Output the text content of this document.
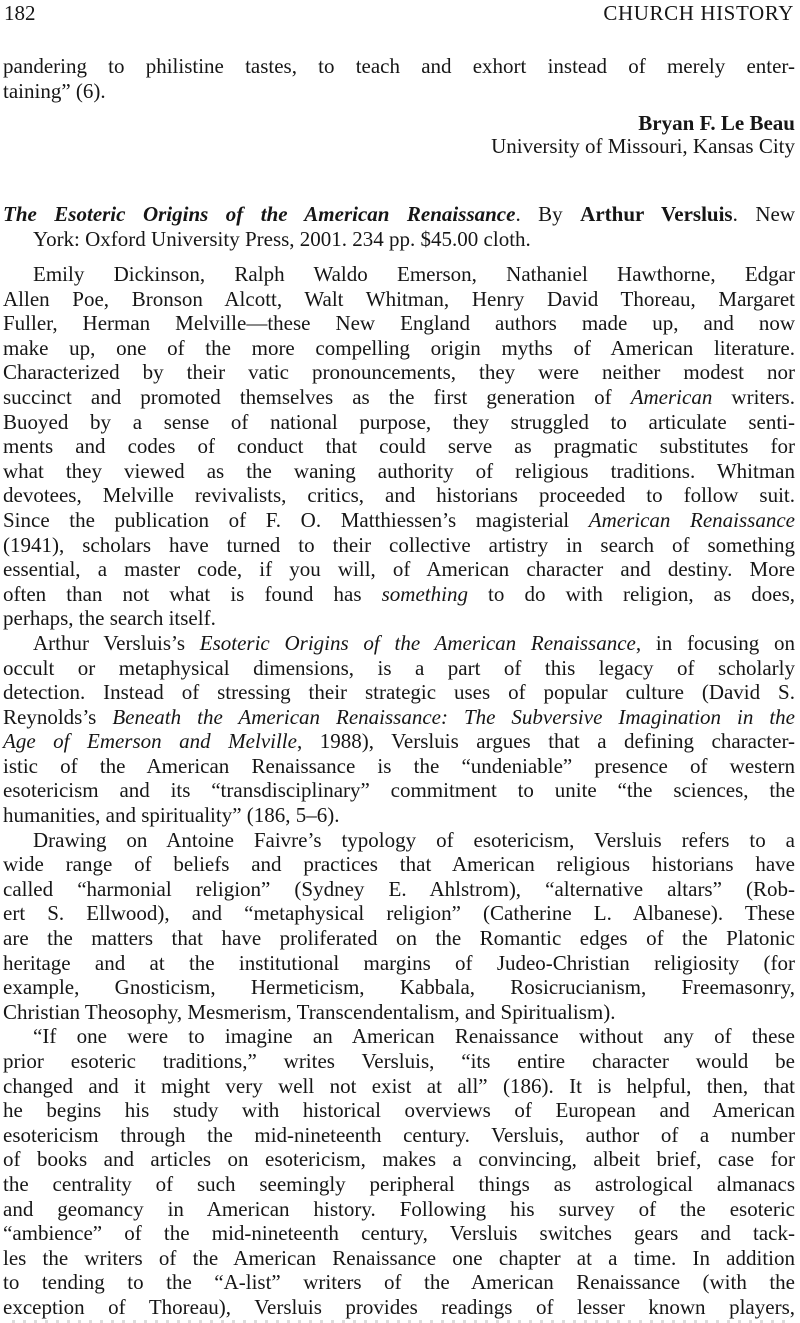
182	CHURCH HISTORY
pandering to philistine tastes, to teach and exhort instead of merely enter-
taining” (6).
Bryan F. Le Beau
University of Missouri, Kansas City
The Esoteric Origins of the American Renaissance. By Arthur Versluis. New
York: Oxford University Press, 2001. 234 pp. $45.00 cloth.
Emily Dickinson, Ralph Waldo Emerson, Nathaniel Hawthorne, Edgar
Allen Poe, Bronson Alcott, Walt Whitman, Henry David Thoreau, Margaret
Fuller, Herman Melville—these New England authors made up, and now
make up, one of the more compelling origin myths of American literature.
Characterized by their vatic pronouncements, they were neither modest nor
succinct and promoted themselves as the first generation of American writers.
Buoyed by a sense of national purpose, they struggled to articulate senti-
ments and codes of conduct that could serve as pragmatic substitutes for
what they viewed as the waning authority of religious traditions. Whitman
devotees, Melville revivalists, critics, and historians proceeded to follow suit.
Since the publication of F. O. Matthiessen’s magisterial American Renaissance
(1941), scholars have turned to their collective artistry in search of something
essential, a master code, if you will, of American character and destiny. More
often than not what is found has something to do with religion, as does,
perhaps, the search itself.
Arthur Versluis’s Esoteric Origins of the American Renaissance, in focusing on
occult or metaphysical dimensions, is a part of this legacy of scholarly
detection. Instead of stressing their strategic uses of popular culture (David S.
Reynolds’s Beneath the American Renaissance: The Subversive Imagination in the
Age of Emerson and Melville, 1988), Versluis argues that a defining character-
istic of the American Renaissance is the “undeniable” presence of western
esotericism and its “transdisciplinary” commitment to unite “the sciences, the
humanities, and spirituality” (186, 5–6).
Drawing on Antoine Faivre’s typology of esotericism, Versluis refers to a
wide range of beliefs and practices that American religious historians have
called “harmonial religion” (Sydney E. Ahlstrom), “alternative altars” (Rob-
ert S. Ellwood), and “metaphysical religion” (Catherine L. Albanese). These
are the matters that have proliferated on the Romantic edges of the Platonic
heritage and at the institutional margins of Judeo-Christian religiosity (for
example, Gnosticism, Hermeticism, Kabbala, Rosicrucianism, Freemasonry,
Christian Theosophy, Mesmerism, Transcendentalism, and Spiritualism).
“If one were to imagine an American Renaissance without any of these
prior esoteric traditions,” writes Versluis, “its entire character would be
changed and it might very well not exist at all” (186). It is helpful, then, that
he begins his study with historical overviews of European and American
esotericism through the mid-nineteenth century. Versluis, author of a number
of books and articles on esotericism, makes a convincing, albeit brief, case for
the centrality of such seemingly peripheral things as astrological almanacs
and geomancy in American history. Following his survey of the esoteric
“ambience” of the mid-nineteenth century, Versluis switches gears and tack-
les the writers of the American Renaissance one chapter at a time. In addition
to tending to the “A-list” writers of the American Renaissance (with the
exception of Thoreau), Versluis provides readings of lesser known players,
